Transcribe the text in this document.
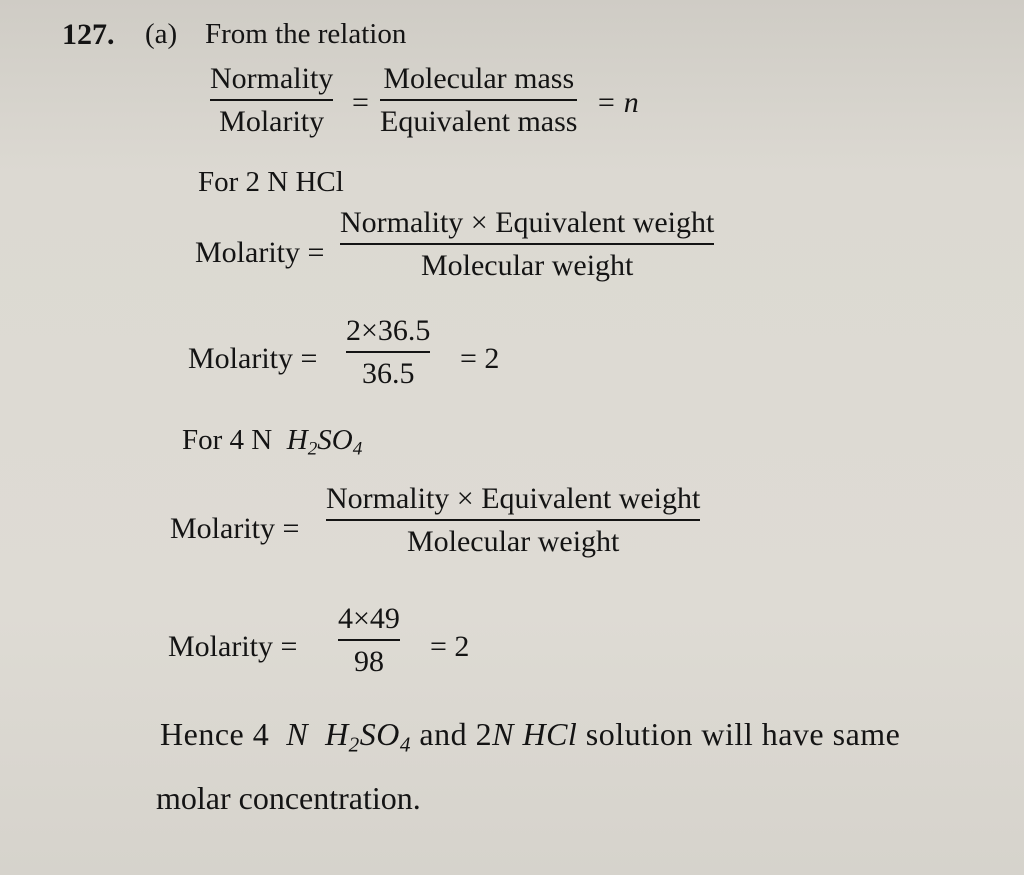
127. (a) From the relation
Normality
Molarity
=
Molecular mass
Equivalent mass
= n
For 2 N HCl
Molarity =
Normality × Equivalent weight
Molecular weight
Molarity =
2×36.5
36.5 = 2
For 4 N  $H_2SO_4$
Molarity =
Normality × Equivalent weight
Molecular weight
Molarity =
4×49
98 = 2
Hence 4  N  $H_2SO_4$ and 2N HCl solution will have same
molar concentration.
